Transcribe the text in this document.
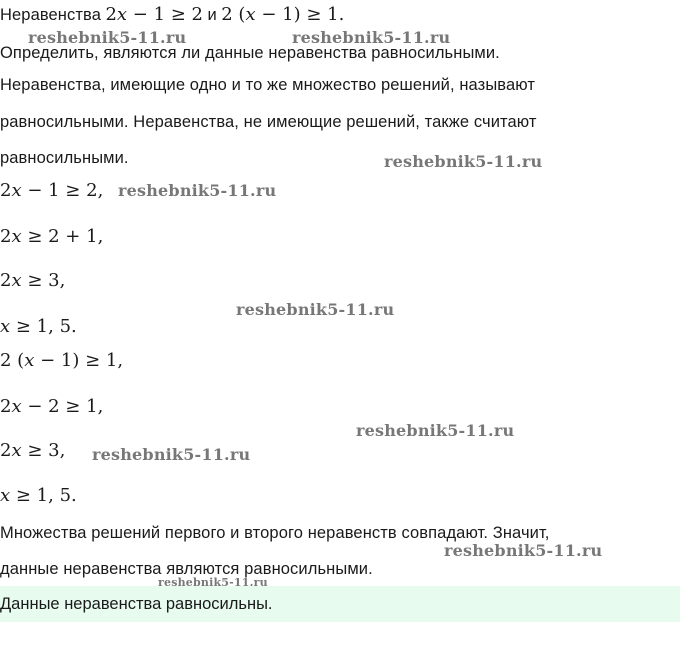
Неравенства 2x − 1 ≥ 2 и 2 (x − 1) ≥ 1.
Определить, являются ли данные неравенства равносильными.
Неравенства, имеющие одно и то же множество решений, называют
равносильными. Неравенства, не имеющие решений, также считают
равносильными.
2x − 1 ≥ 2,
2x ≥ 2 + 1,
2x ≥ 3,
x ≥ 1, 5.
2 (x − 1) ≥ 1,
2x − 2 ≥ 1,
2x ≥ 3,
x ≥ 1, 5.
Множества решений первого и второго неравенств совпадают. Значит,
данные неравенства являются равносильными.
Данные неравенства равносильны.
reshebnik5-11.ru	reshebnik5-11.ru
reshebnik5-11.ru
reshebnik5-11.ru
reshebnik5-11.ru
reshebnik5-11.ru
reshebnik5-11.ru
reshebnik5-11.ru
reshebnik5-11.ru
